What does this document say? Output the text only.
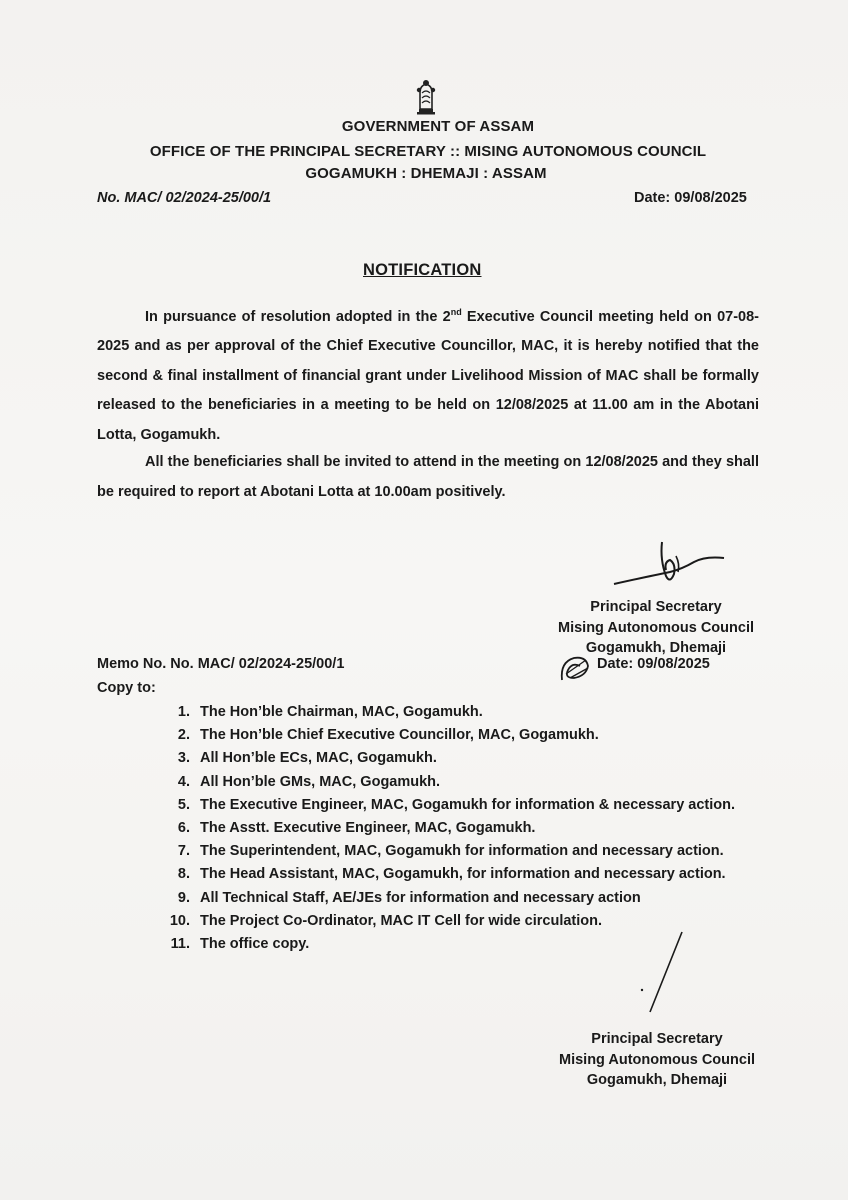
GOVERNMENT OF ASSAM
OFFICE OF THE PRINCIPAL SECRETARY :: MISING AUTONOMOUS COUNCIL
GOGAMUKH : DHEMAJI : ASSAM
No. MAC/ 02/2024-25/00/1	Date: 09/08/2025
NOTIFICATION
In pursuance of resolution adopted in the 2nd Executive Council meeting held on 07-08-2025 and as per approval of the Chief Executive Councillor, MAC, it is hereby notified that the second & final installment of financial grant under Livelihood Mission of MAC shall be formally released to the beneficiaries in a meeting to be held on 12/08/2025 at 11.00 am in the Abotani Lotta, Gogamukh.
All the beneficiaries shall be invited to attend in the meeting on 12/08/2025 and they shall be required to report at Abotani Lotta at 10.00am positively.
Principal Secretary
Mising Autonomous Council
Gogamukh, Dhemaji
Memo No. No. MAC/ 02/2024-25/00/1	Date: 09/08/2025
Copy to:
1. The Hon’ble Chairman, MAC, Gogamukh.
2. The Hon’ble Chief Executive Councillor, MAC, Gogamukh.
3. All Hon’ble ECs, MAC, Gogamukh.
4. All Hon’ble GMs, MAC, Gogamukh.
5. The Executive Engineer, MAC, Gogamukh for information & necessary action.
6. The Asstt. Executive Engineer, MAC, Gogamukh.
7. The Superintendent, MAC, Gogamukh for information and necessary action.
8. The Head Assistant, MAC, Gogamukh, for information and necessary action.
9. All Technical Staff, AE/JEs for information and necessary action
10. The Project Co-Ordinator, MAC IT Cell for wide circulation.
11. The office copy.
Principal Secretary
Mising Autonomous Council
Gogamukh, Dhemaji
